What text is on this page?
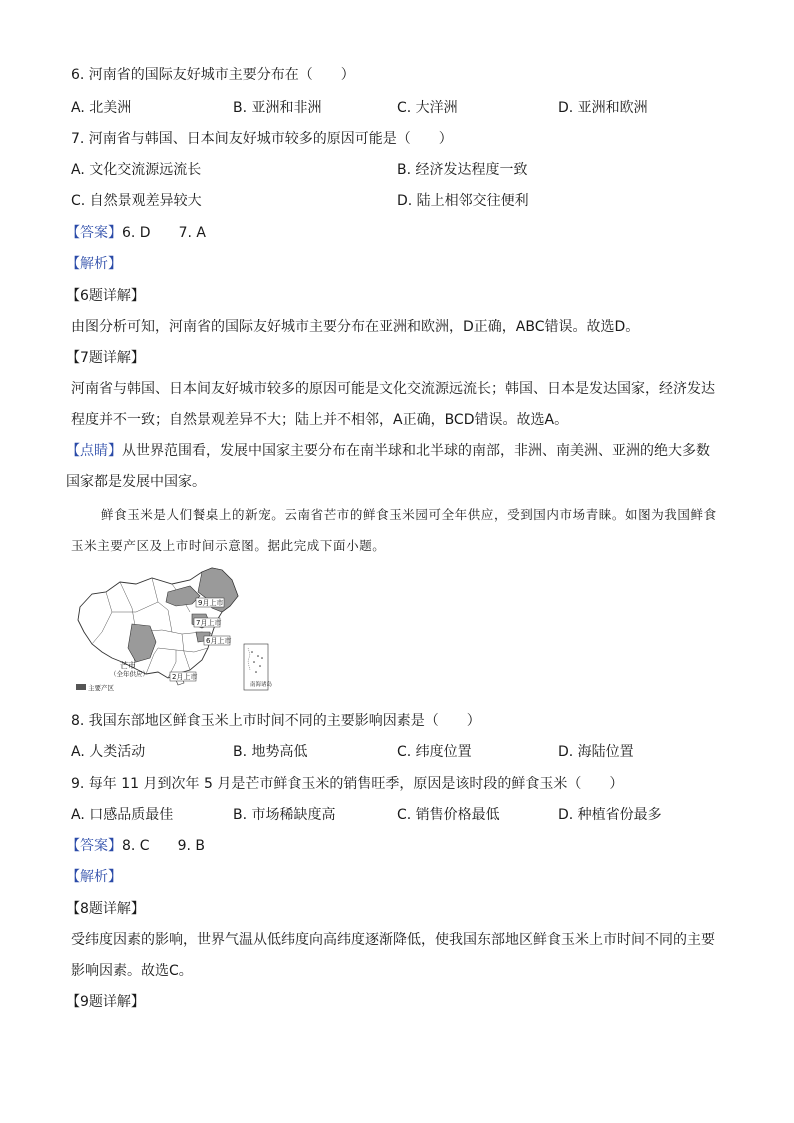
6. 河南省的国际友好城市主要分布在（　　）
A. 北美洲	B. 亚洲和非洲	C. 大洋洲	D. 亚洲和欧洲
7. 河南省与韩国、日本间友好城市较多的原因可能是（　　）
A. 文化交流源远流长	B. 经济发达程度一致
C. 自然景观差异较大	D. 陆上相邻交往便利
【答案】6. D　　7. A
【解析】
【6题详解】
由图分析可知，河南省的国际友好城市主要分布在亚洲和欧洲，D正确，ABC错误。故选D。
【7题详解】
河南省与韩国、日本间友好城市较多的原因可能是文化交流源远流长；韩国、日本是发达国家，经济发达程度并不一致；自然景观差异不大；陆上并不相邻，A正确，BCD错误。故选A。
【点睛】从世界范围看，发展中国家主要分布在南半球和北半球的南部，非洲、南美洲、亚洲的绝大多数国家都是发展中国家。
鲜食玉米是人们餐桌上的新宠。云南省芒市的鲜食玉米园可全年供应，受到国内市场青睐。如图为我国鲜食玉米主要产区及上市时间示意图。据此完成下面小题。
9月上市
7月上市
6月上市
2月上市
芒市
（全年供应）
主要产区	南海诸岛
8. 我国东部地区鲜食玉米上市时间不同的主要影响因素是（　　）
A. 人类活动	B. 地势高低	C. 纬度位置	D. 海陆位置
9. 每年 11 月到次年 5 月是芒市鲜食玉米的销售旺季，原因是该时段的鲜食玉米（　　）
A. 口感品质最佳	B. 市场稀缺度高	C. 销售价格最低	D. 种植省份最多
【答案】8. C　　9. B
【解析】
【8题详解】
受纬度因素的影响，世界气温从低纬度向高纬度逐渐降低，使我国东部地区鲜食玉米上市时间不同的主要影响因素。故选C。
【9题详解】
